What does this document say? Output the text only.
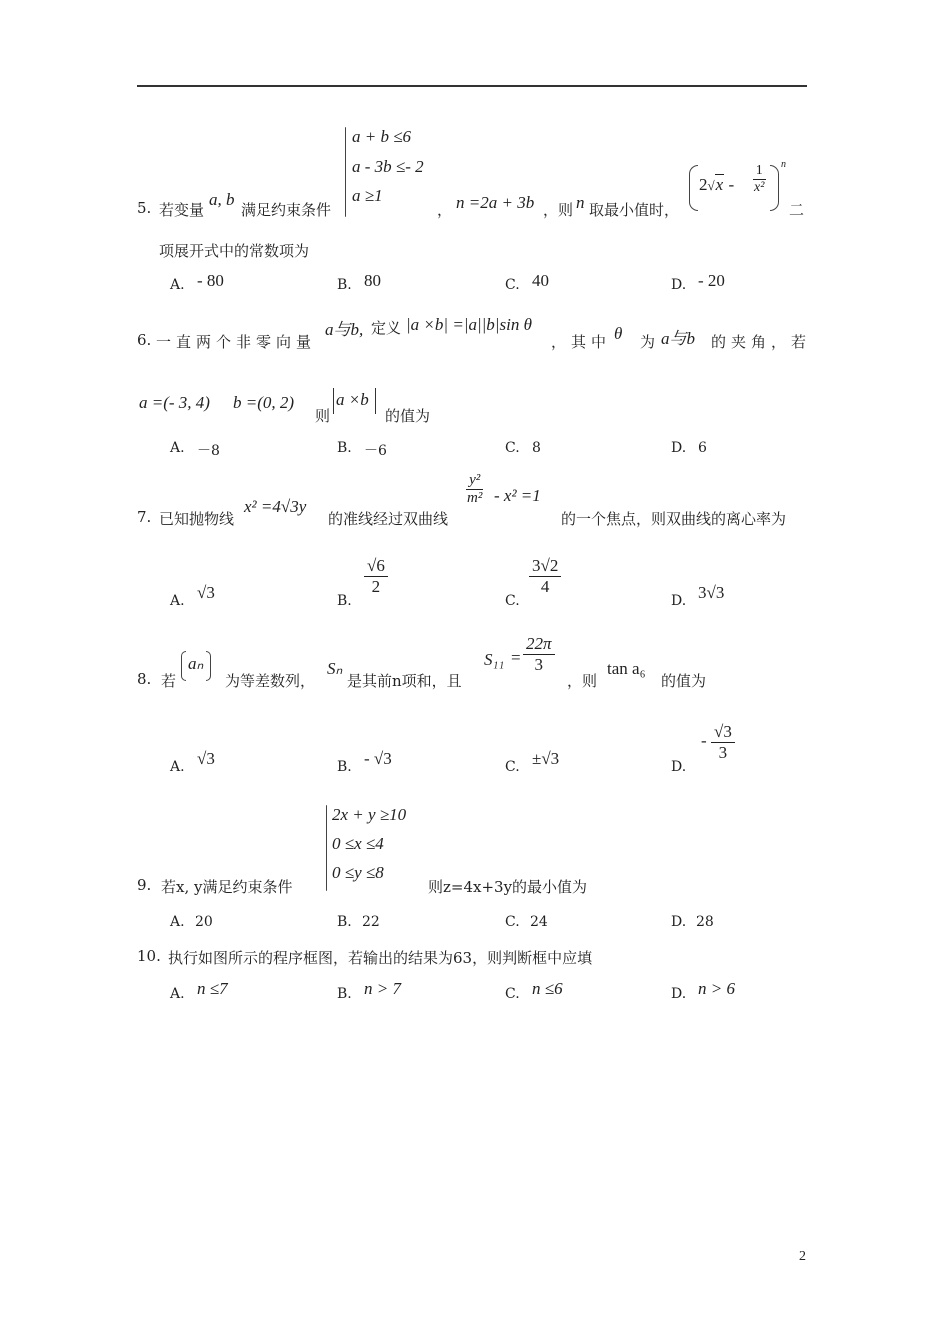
a + b ≤6
a - 3b ≤- 2
a ≥1
5. 若变量
a, b
满足约束条件	， n =2a + 3b ，则 n 取最小值时，
$2√x - \frac{1}{\text{x²}}$ n
二
项展开式中的常数项为
A. - 80	B. 80	C. 40	D. - 20
6. 一直两个非零向量
a与b, 定义 |a ×b| =|a||b|sin θ
，其中 θ 为 a与b 的夹角，若
a =(- 3, 4) b =(0, 2)
则
a ×b
的值为
A. －8	B. －6	C. 8	D. 6
7. 已知抛物线
x² =4√3y
的准线经过双曲线
$\frac{\text{y²}}{\text{m²}} - x^2 =1$
的一个焦点，则双曲线的离心率为
A. √3	B.
$\frac{√6}{2}$
C.
$\frac{3√2}{4}$
D. 3√3
8. 若
aₙ
为等差数列，
Sₙ
是其前n项和，且
$S_{11} = \frac{22\pi}{3}$
，则
tan a₆
的值为
A. √3	B. - √3	C. ±√3	D.
- $\frac{√3}{3}$
2x + y ≥10
0 ≤x ≤4
0 ≤y ≤8
9. 若x, y满足约束条件	则z=4x+3y的最小值为
A. 20	B. 22	C. 24	D. 28
10. 执行如图所示的程序框图，若输出的结果为63，则判断框中应填
A. n ≤7	B. n > 7	C. n ≤6	D. n > 6
2
